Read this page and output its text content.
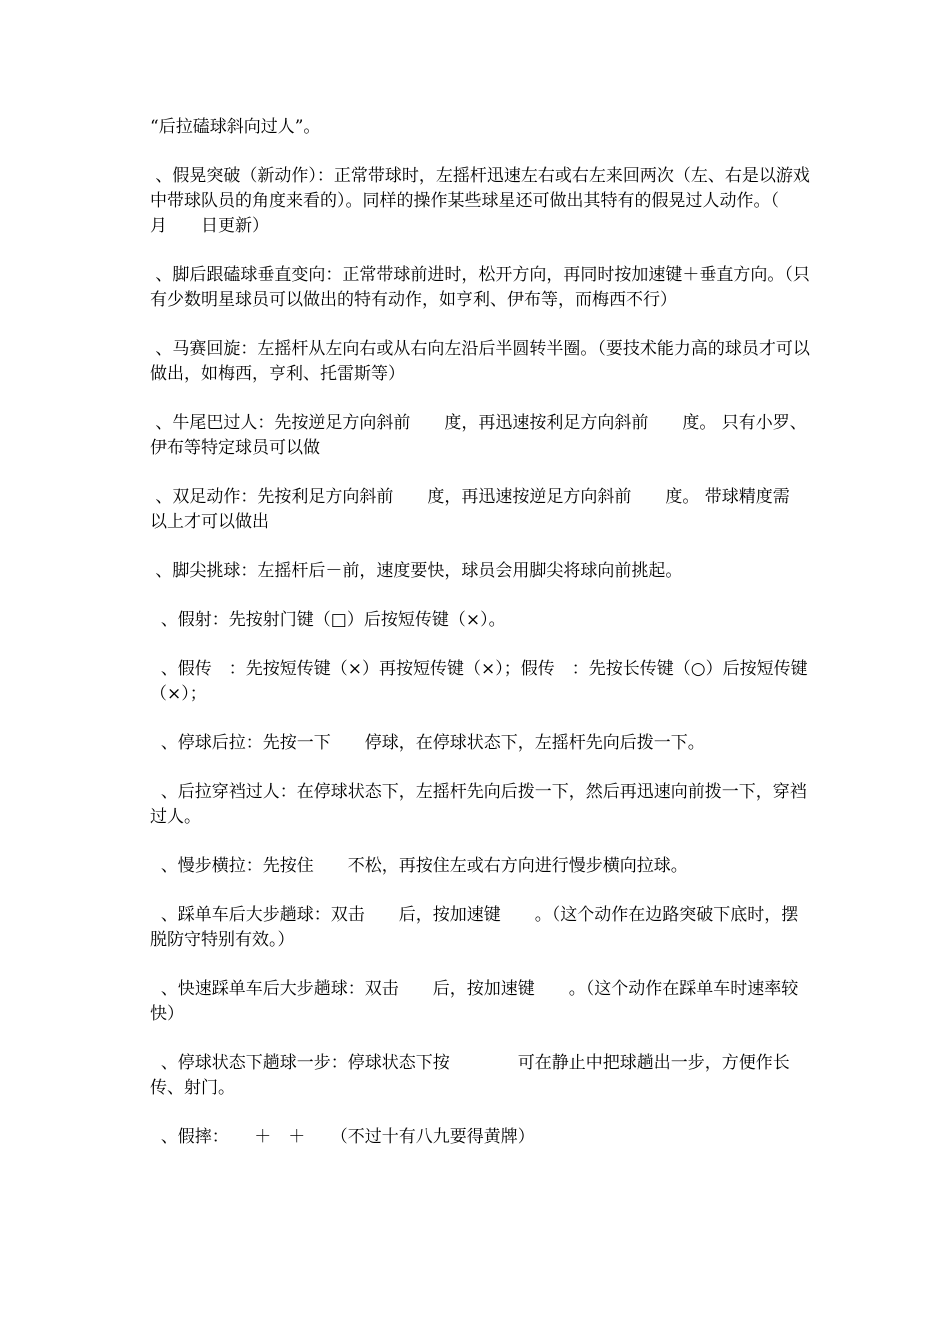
“后拉磕球斜向过人”。

、假晃突破（新动作）：正常带球时，左摇杆迅速左右或右左来回两次（左、右是以游戏中带球队员的角度来看的）。同样的操作某些球星还可做出其特有的假晃过人动作。（　月　　日更新）

、脚后跟磕球垂直变向：正常带球前进时，松开方向，再同时按加速键＋垂直方向。（只有少数明星球员可以做出的特有动作，如亨利、伊布等，而梅西不行）

、马赛回旋：左摇杆从左向右或从右向左沿后半圆转半圈。（要技术能力高的球员才可以做出，如梅西，亨利、托雷斯等）

、牛尾巴过人：先按逆足方向斜前　　度，再迅速按利足方向斜前　　度。 只有小罗、伊布等特定球员可以做

、双足动作：先按利足方向斜前　　度，再迅速按逆足方向斜前　　度。 带球精度需　　以上才可以做出

、脚尖挑球：左摇杆后－前，速度要快，球员会用脚尖将球向前挑起。

、假射：先按射门键（□）后按短传键（×）。

、假传　：先按短传键（×）再按短传键（×）；假传　：先按长传键（○）后按短传键（×）；

、停球后拉：先按一下　　停球，在停球状态下，左摇杆先向后拨一下。

、后拉穿裆过人：在停球状态下，左摇杆先向后拨一下，然后再迅速向前拨一下，穿裆过人。

、慢步横拉：先按住　　不松，再按住左或右方向进行慢步横向拉球。

、踩单车后大步趟球：双击　　后，按加速键　　。（这个动作在边路突破下底时，摆脱防守特别有效。）

、快速踩单车后大步趟球：双击　　后，按加速键　　。（这个动作在踩单车时速率较快）

、停球状态下趟球一步：停球状态下按　　　　可在静止中把球趟出一步，方便作长传、射门。

、假摔：　　＋　＋　　（不过十有八九要得黄牌）
